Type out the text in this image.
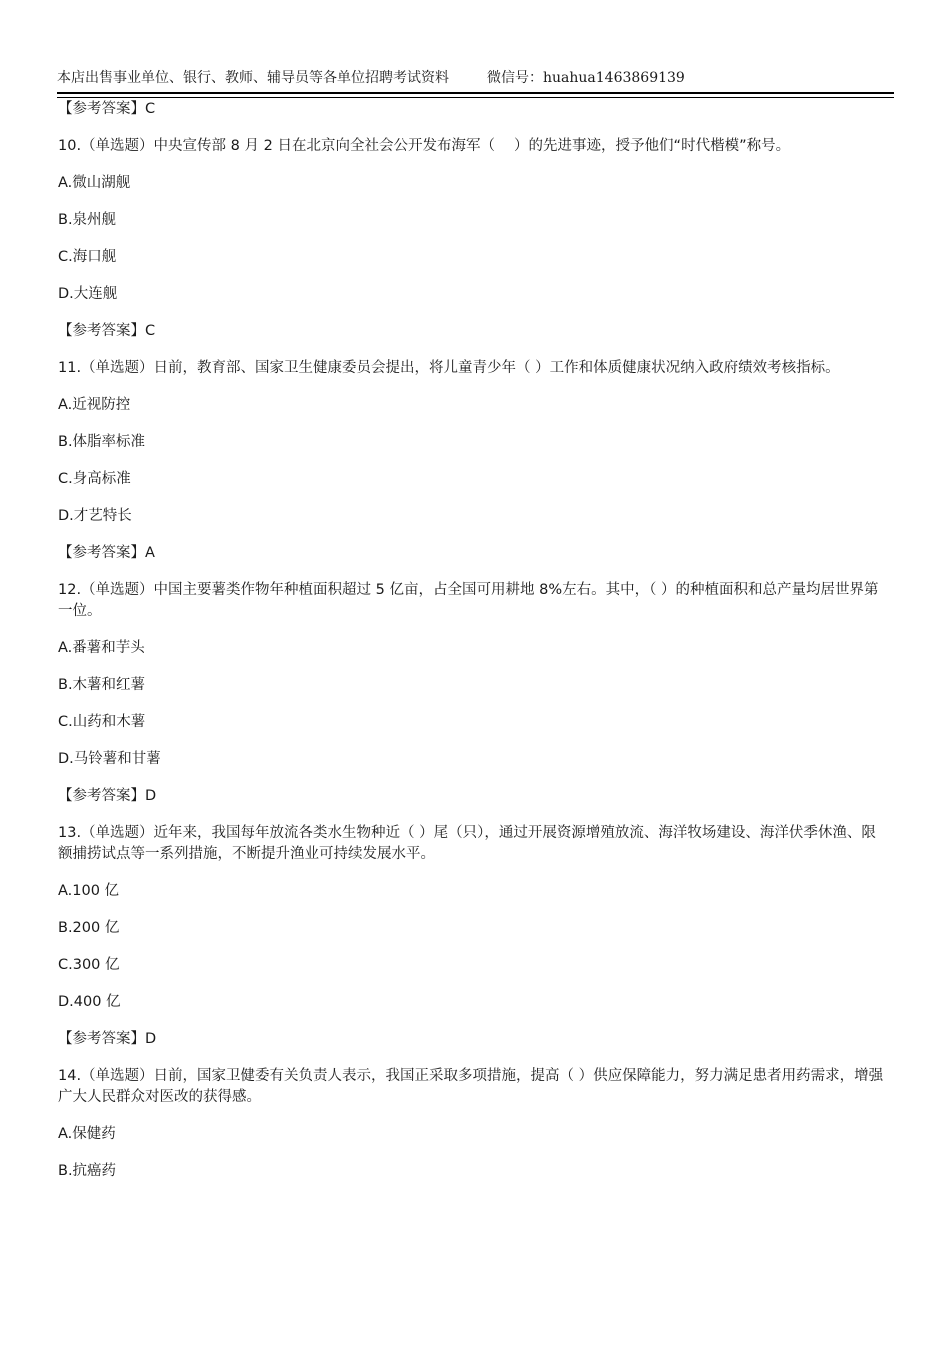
本店出售事业单位、银行、教师、辅导员等各单位招聘考试资料	微信号：huahua1463869139
【参考答案】C
10.（单选题）中央宣传部 8 月 2 日在北京向全社会公开发布海军（　 ）的先进事迹，授予他们“时代楷模”称号。
A.微山湖舰
B.泉州舰
C.海口舰
D.大连舰
【参考答案】C
11.（单选题）日前，教育部、国家卫生健康委员会提出，将儿童青少年（ ）工作和体质健康状况纳入政府绩效考核指标。
A.近视防控
B.体脂率标准
C.身高标准
D.才艺特长
【参考答案】A
12.（单选题）中国主要薯类作物年种植面积超过 5 亿亩，占全国可用耕地 8%左右。其中，（ ）的种植面积和总产量均居世界第一位。
A.番薯和芋头
B.木薯和红薯
C.山药和木薯
D.马铃薯和甘薯
【参考答案】D
13.（单选题）近年来，我国每年放流各类水生物种近（ ）尾（只），通过开展资源增殖放流、海洋牧场建设、海洋伏季休渔、限额捕捞试点等一系列措施，不断提升渔业可持续发展水平。
A.100 亿
B.200 亿
C.300 亿
D.400 亿
【参考答案】D
14.（单选题）日前，国家卫健委有关负责人表示，我国正采取多项措施，提高（ ）供应保障能力，努力满足患者用药需求，增强广大人民群众对医改的获得感。
A.保健药
B.抗癌药
